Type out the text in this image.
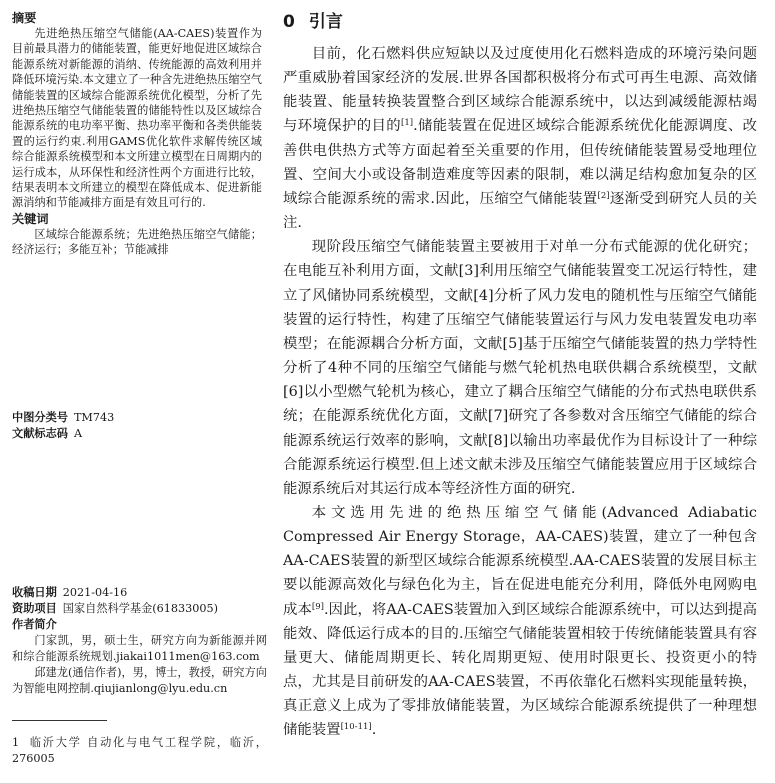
摘要

先进绝热压缩空气储能(AA-CAES)装置作为目前最具潜力的储能装置，能更好地促进区域综合能源系统对新能源的消纳、传统能源的高效利用并降低环境污染.本文建立了一种含先进绝热压缩空气储能装置的区域综合能源系统优化模型，分析了先进绝热压缩空气储能装置的储能特性以及区域综合能源系统的电功率平衡、热功率平衡和各类供能装置的运行约束.利用GAMS优化软件求解传统区域综合能源系统模型和本文所建立模型在日周期内的运行成本，从环保性和经济性两个方面进行比较，结果表明本文所建立的模型在降低成本、促进新能源消纳和节能减排方面是有效且可行的.

关键词

区域综合能源系统；先进绝热压缩空气储能；经济运行；多能互补；节能减排

中图分类号 TM743
文献标志码 A
收稿日期 2021-04-16
资助项目 国家自然科学基金(61833005)
作者简介

门家凯，男，硕士生，研究方向为新能源并网和综合能源系统规划.jiakai1011men@163.com

邱建龙(通信作者)，男，博士，教授，研究方向为智能电网控制.qiujianlong@lyu.edu.cn

1 临沂大学 自动化与电气工程学院，临沂，276005

0 引言

目前，化石燃料供应短缺以及过度使用化石燃料造成的环境污染问题严重威胁着国家经济的发展.世界各国都积极将分布式可再生电源、高效储能装置、能量转换装置整合到区域综合能源系统中，以达到减缓能源枯竭与环境保护的目的[1].储能装置在促进区域综合能源系统优化能源调度、改善供电供热方式等方面起着至关重要的作用，但传统储能装置易受地理位置、空间大小或设备制造难度等因素的限制，难以满足结构愈加复杂的区域综合能源系统的需求.因此，压缩空气储能装置[2]逐渐受到研究人员的关注.

现阶段压缩空气储能装置主要被用于对单一分布式能源的优化研究；在电能互补利用方面，文献[3]利用压缩空气储能装置变工况运行特性，建立了风储协同系统模型，文献[4]分析了风力发电的随机性与压缩空气储能装置的运行特性，构建了压缩空气储能装置运行与风力发电装置发电功率模型；在能源耦合分析方面，文献[5]基于压缩空气储能装置的热力学特性分析了4种不同的压缩空气储能与燃气轮机热电联供耦合系统模型，文献[6]以小型燃气轮机为核心，建立了耦合压缩空气储能的分布式热电联供系统；在能源系统优化方面，文献[7]研究了各参数对含压缩空气储能的综合能源系统运行效率的影响，文献[8]以输出功率最优作为目标设计了一种综合能源系统运行模型.但上述文献未涉及压缩空气储能装置应用于区域综合能源系统后对其运行成本等经济性方面的研究.

本文选用先进的绝热压缩空气储能(Advanced Adiabatic Compressed Air Energy Storage，AA-CAES)装置，建立了一种包含AA-CAES装置的新型区域综合能源系统模型.AA-CAES装置的发展目标主要以能源高效化与绿色化为主，旨在促进电能充分利用，降低外电网购电成本[9].因此，将AA-CAES装置加入到区域综合能源系统中，可以达到提高能效、降低运行成本的目的.压缩空气储能装置相较于传统储能装置具有容量更大、储能周期更长、转化周期更短、使用时限更长、投资更小的特点，尤其是目前研发的AA-CAES装置，不再依靠化石燃料实现能量转换，真正意义上成为了零排放储能装置，为区域综合能源系统提供了一种理想储能装置[10-11].
